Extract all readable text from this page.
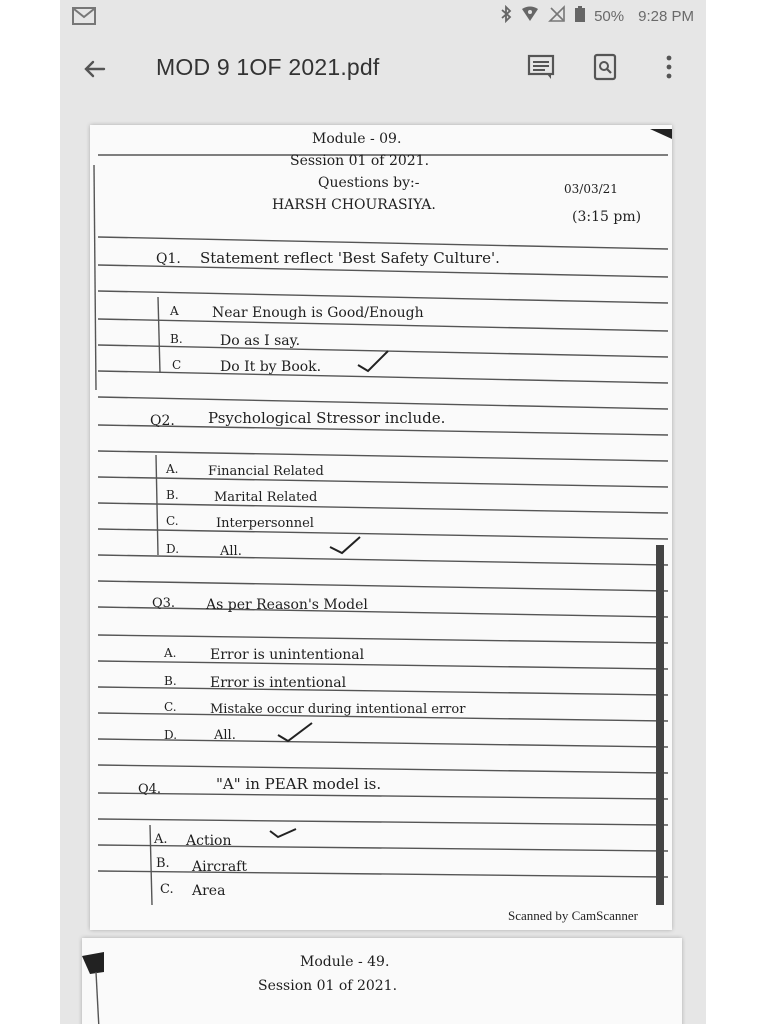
50% 9:28 PM
MOD 9 1OF 2021.pdf
Module - 09.
Session 01 of 2021.
Questions by:-
HARSH CHOURASIYA.
03/03/21
(3:15 pm)
Q1. Statement reflect 'Best Safety Culture'.
A Near Enough is Good/Enough
B.	Do as I say.
C	Do It by Book.
Q2. Psychological Stressor include.
A. Financial Related
B.	Marital Related
C.	Interpersonnel
D.	All.
Q3. As per Reason's Model
A. Error is unintentional
B. Error is intentional
C.	Mistake occur during intentional error
D.	All.
Q4.	"A" in PEAR model is.
A. Action
B. Aircraft
C. Area
Scanned by CamScanner
Module - 49.
Session 01 of 2021.
